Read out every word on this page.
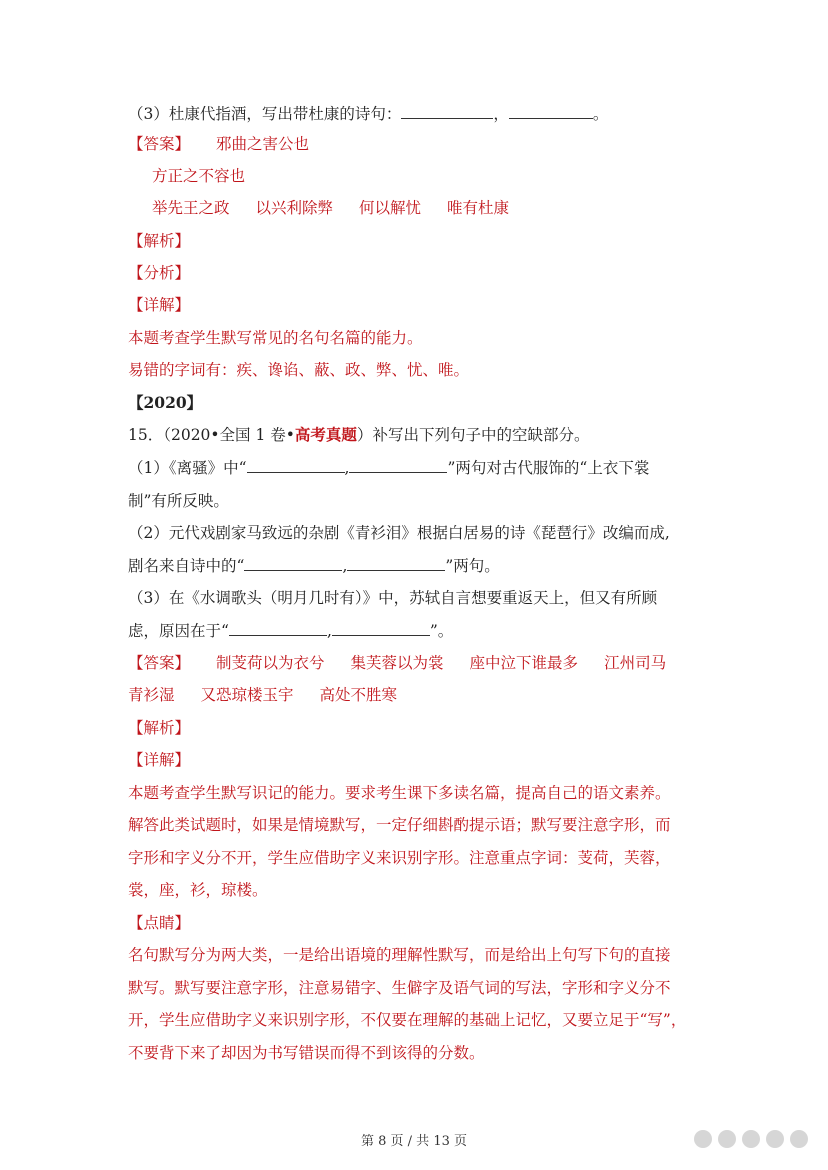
（3）杜康代指酒，写出带杜康的诗句：	，	。
【答案】 邪曲之害公也
方正之不容也
举先王之政 以兴利除弊 何以解忧 唯有杜康
【解析】
【分析】
【详解】
本题考查学生默写常见的名句名篇的能力。
易错的字词有：疾、谗谄、蔽、政、弊、忧、唯。
【2020】
15．（2020•全国 1 卷•高考真题）补写出下列句子中的空缺部分。
（1）《离骚》中“	,	”两句对古代服饰的“上衣下裳
制”有所反映。
（2）元代戏剧家马致远的杂剧《青衫泪》根据白居易的诗《琵琶行》改编而成,
剧名来自诗中的“	,	”两句。
（3）在《水调歌头（明月几时有）》中，苏轼自言想要重返天上，但又有所顾
虑，原因在于“	,	”。
【答案】 制芰荷以为衣兮 集芙蓉以为裳 座中泣下谁最多 江州司马
青衫湿 又恐琼楼玉宇 高处不胜寒
【解析】
【详解】
本题考查学生默写识记的能力。要求考生课下多读名篇，提高自己的语文素养。
解答此类试题时，如果是情境默写，一定仔细斟酌提示语；默写要注意字形，而
字形和字义分不开，学生应借助字义来识别字形。注意重点字词：芰荷，芙蓉，
裳，座，衫，琼楼。
【点睛】
名句默写分为两大类，一是给出语境的理解性默写，而是给出上句写下句的直接
默写。默写要注意字形，注意易错字、生僻字及语气词的写法，字形和字义分不
开，学生应借助字义来识别字形，不仅要在理解的基础上记忆，又要立足于“写”，
不要背下来了却因为书写错误而得不到该得的分数。
第 8 页 / 共 13 页
